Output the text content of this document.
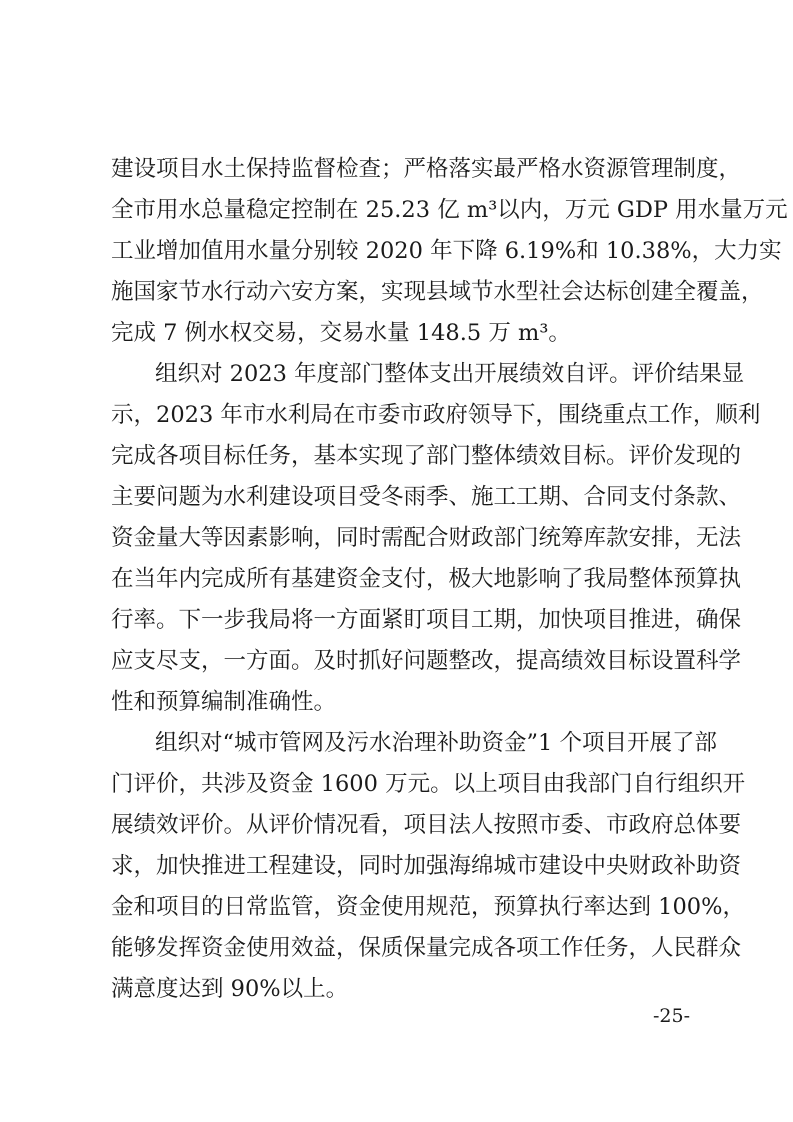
建设项目水土保持监督检查；严格落实最严格水资源管理制度，
全市用水总量稳定控制在 25.23 亿 m³以内，万元 GDP 用水量万元
工业增加值用水量分别较 2020 年下降 6.19%和 10.38%，大力实
施国家节水行动六安方案，实现县域节水型社会达标创建全覆盖，
完成 7 例水权交易，交易水量 148.5 万 m³。
组织对 2023 年度部门整体支出开展绩效自评。评价结果显
示，2023 年市水利局在市委市政府领导下，围绕重点工作，顺利
完成各项目标任务，基本实现了部门整体绩效目标。评价发现的
主要问题为水利建设项目受冬雨季、施工工期、合同支付条款、
资金量大等因素影响，同时需配合财政部门统筹库款安排，无法
在当年内完成所有基建资金支付，极大地影响了我局整体预算执
行率。下一步我局将一方面紧盯项目工期，加快项目推进，确保
应支尽支，一方面。及时抓好问题整改，提高绩效目标设置科学
性和预算编制准确性。
组织对“城市管网及污水治理补助资金”1 个项目开展了部
门评价，共涉及资金 1600 万元。以上项目由我部门自行组织开
展绩效评价。从评价情况看，项目法人按照市委、市政府总体要
求，加快推进工程建设，同时加强海绵城市建设中央财政补助资
金和项目的日常监管，资金使用规范，预算执行率达到 100%，
能够发挥资金使用效益，保质保量完成各项工作任务，人民群众
满意度达到 90%以上。
-25-
